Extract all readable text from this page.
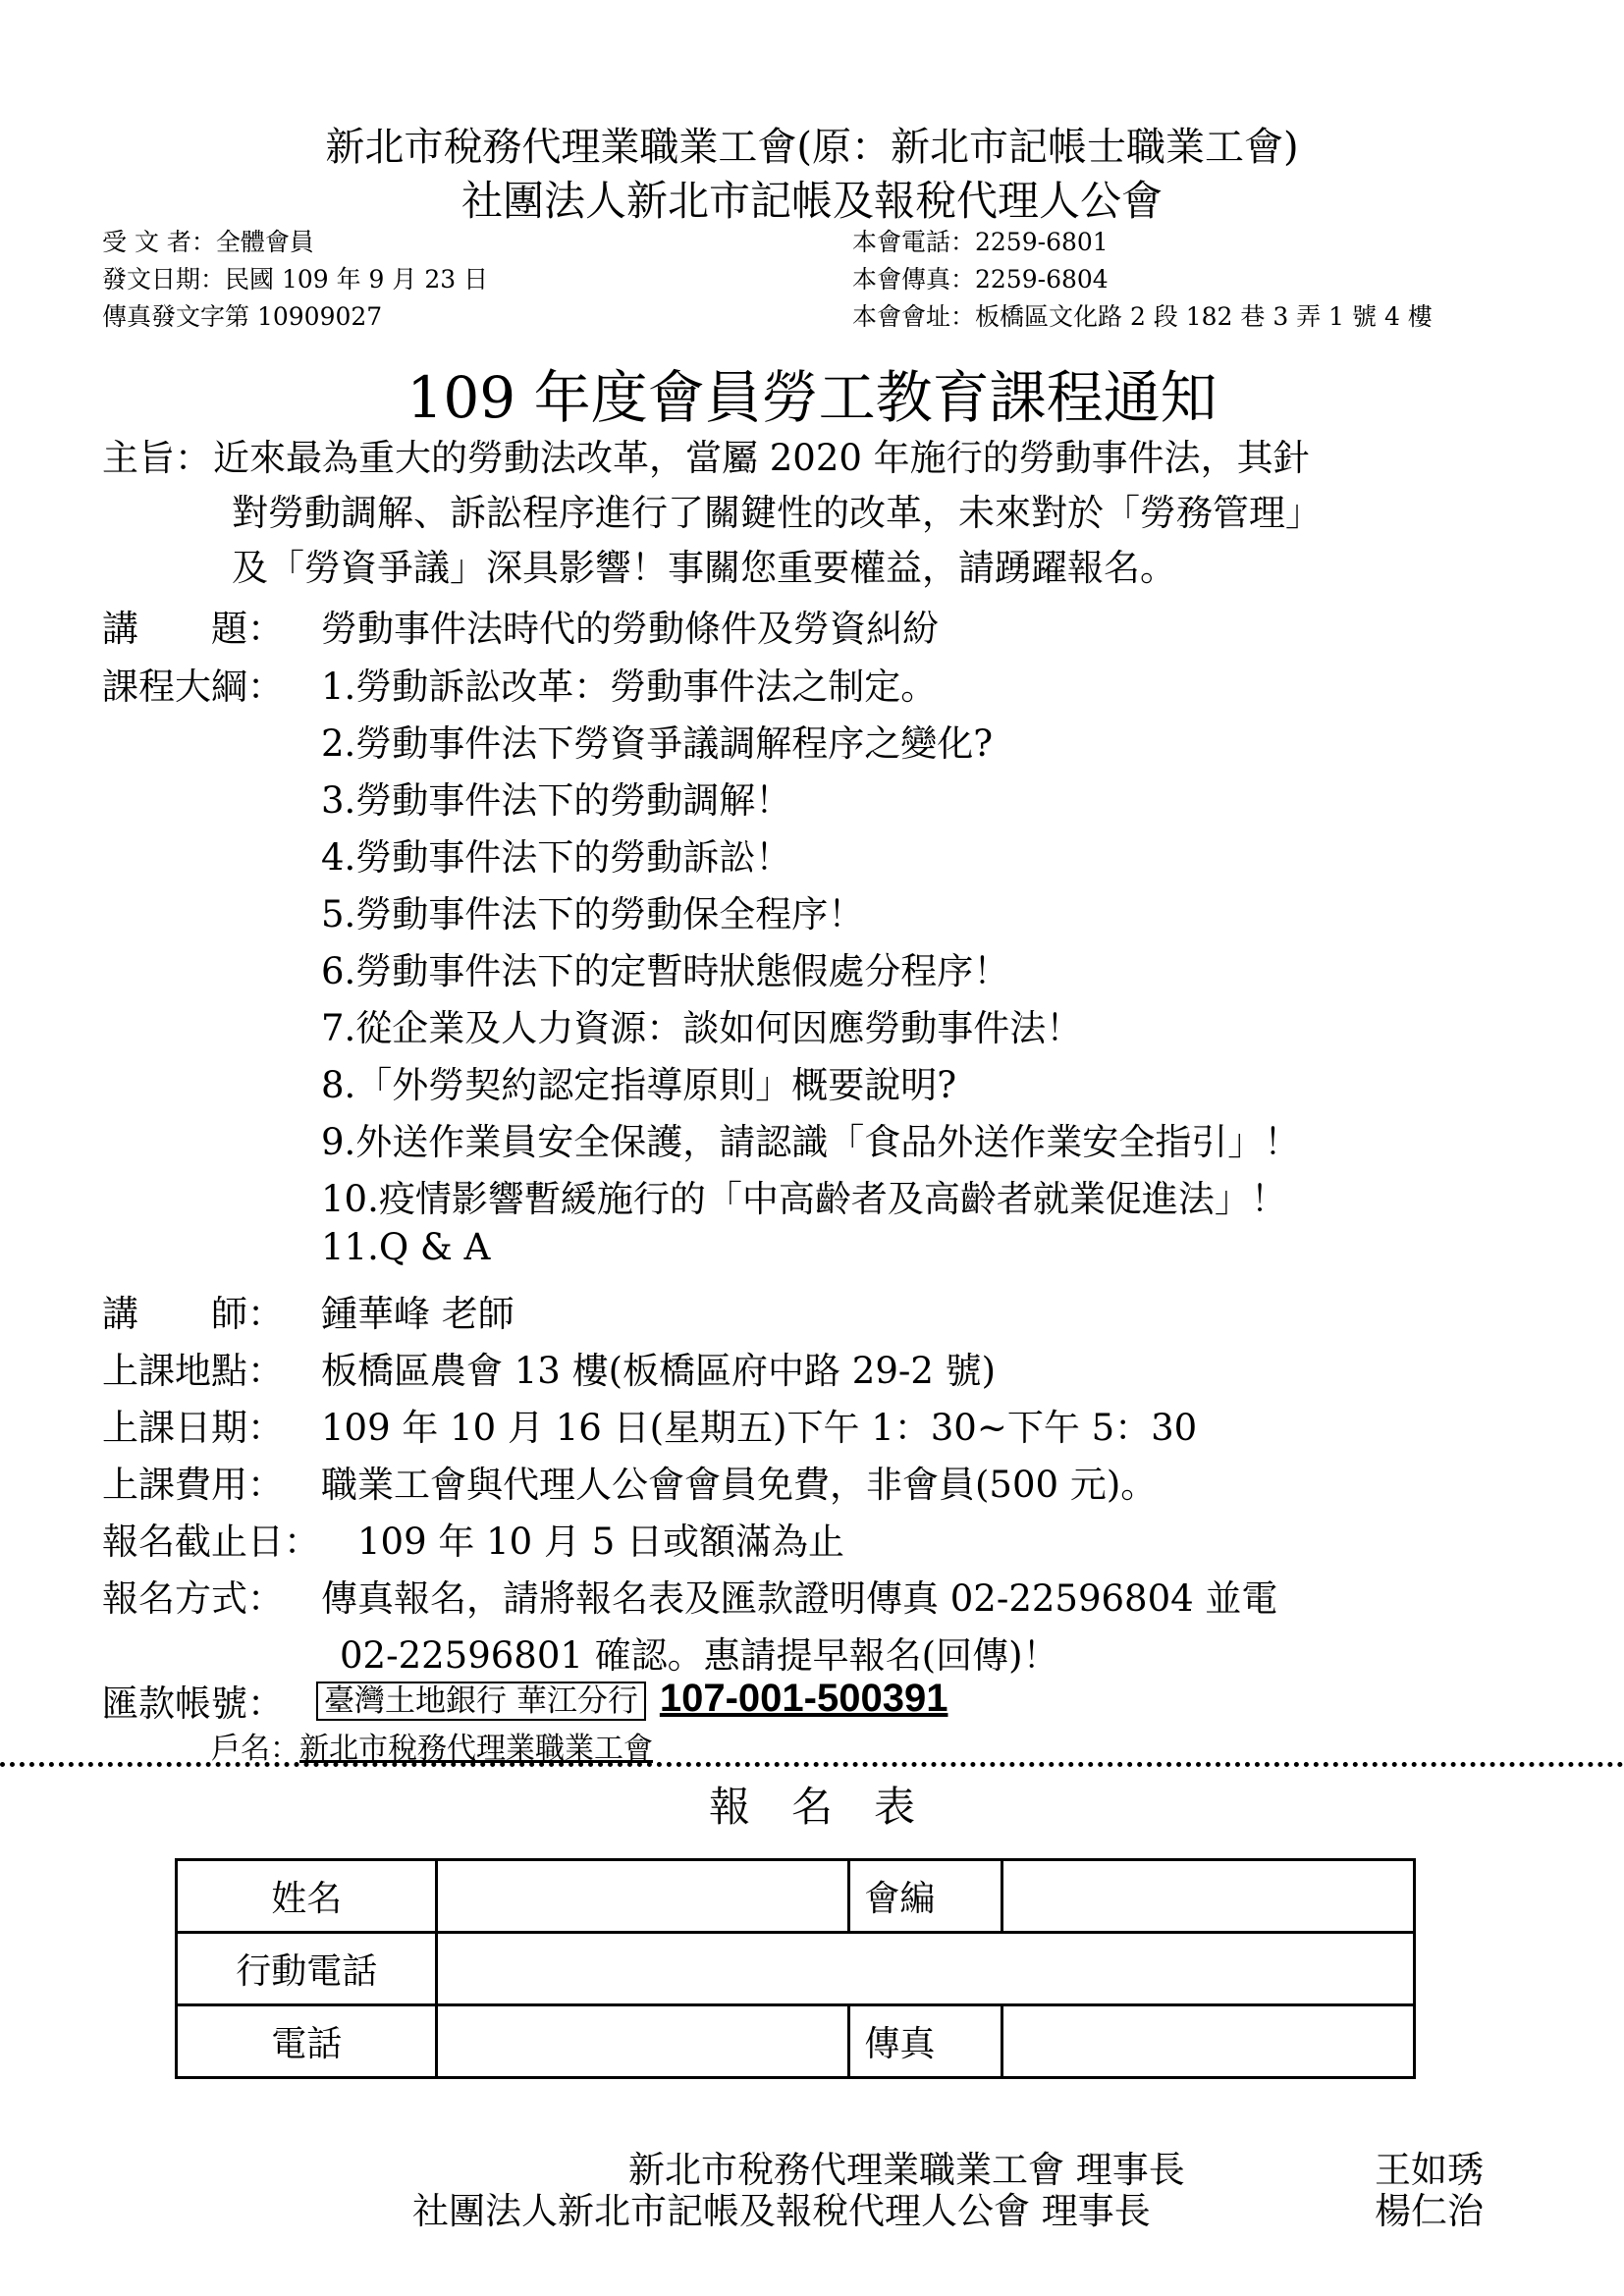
新北市稅務代理業職業工會(原：新北市記帳士職業工會)
社團法人新北市記帳及報稅代理人公會
受 文 者：全體會員
發文日期：民國 109 年 9 月 23 日
傳真發文字第 10909027
本會電話：2259-6801
本會傳真：2259-6804
本會會址：板橋區文化路 2 段 182 巷 3 弄 1 號 4 樓
109 年度會員勞工教育課程通知
主旨： 近來最為重大的勞動法改革，當屬 2020 年施行的勞動事件法，其針
對勞動調解、訴訟程序進行了關鍵性的改革，未來對於「勞務管理」
及「勞資爭議」深具影響！事關您重要權益，請踴躍報名。
講　　題： 勞動事件法時代的勞動條件及勞資糾紛
課程大綱： 1.勞動訴訟改革：勞動事件法之制定。
2.勞動事件法下勞資爭議調解程序之變化?
3.勞動事件法下的勞動調解！
4.勞動事件法下的勞動訴訟！
5.勞動事件法下的勞動保全程序！
6.勞動事件法下的定暫時狀態假處分程序！
7.從企業及人力資源：談如何因應勞動事件法！
8.「外勞契約認定指導原則」概要說明?
9.外送作業員安全保護，請認識「食品外送作業安全指引」！
10.疫情影響暫緩施行的「中高齡者及高齡者就業促進法」！
11.Q & A
講　　師： 鍾華峰 老師
上課地點： 板橋區農會 13 樓(板橋區府中路 29-2 號)
上課日期： 109 年 10 月 16 日(星期五)下午 1：30~下午 5：30
上課費用： 職業工會與代理人公會會員免費，非會員(500 元)。
報名截止日： 109 年 10 月 5 日或額滿為止
報名方式： 傳真報名，請將報名表及匯款證明傳真 02-22596804 並電
02-22596801 確認。惠請提早報名(回傳)！
匯款帳號： 臺灣土地銀行 華江分行 107-001-500391
戶名：新北市稅務代理業職業工會
報　名　表
姓名		會編	
行動電話			
電話		傳真	
新北市稅務代理業職業工會 理事長	王如琇
社團法人新北市記帳及報稅代理人公會 理事長	楊仁治
